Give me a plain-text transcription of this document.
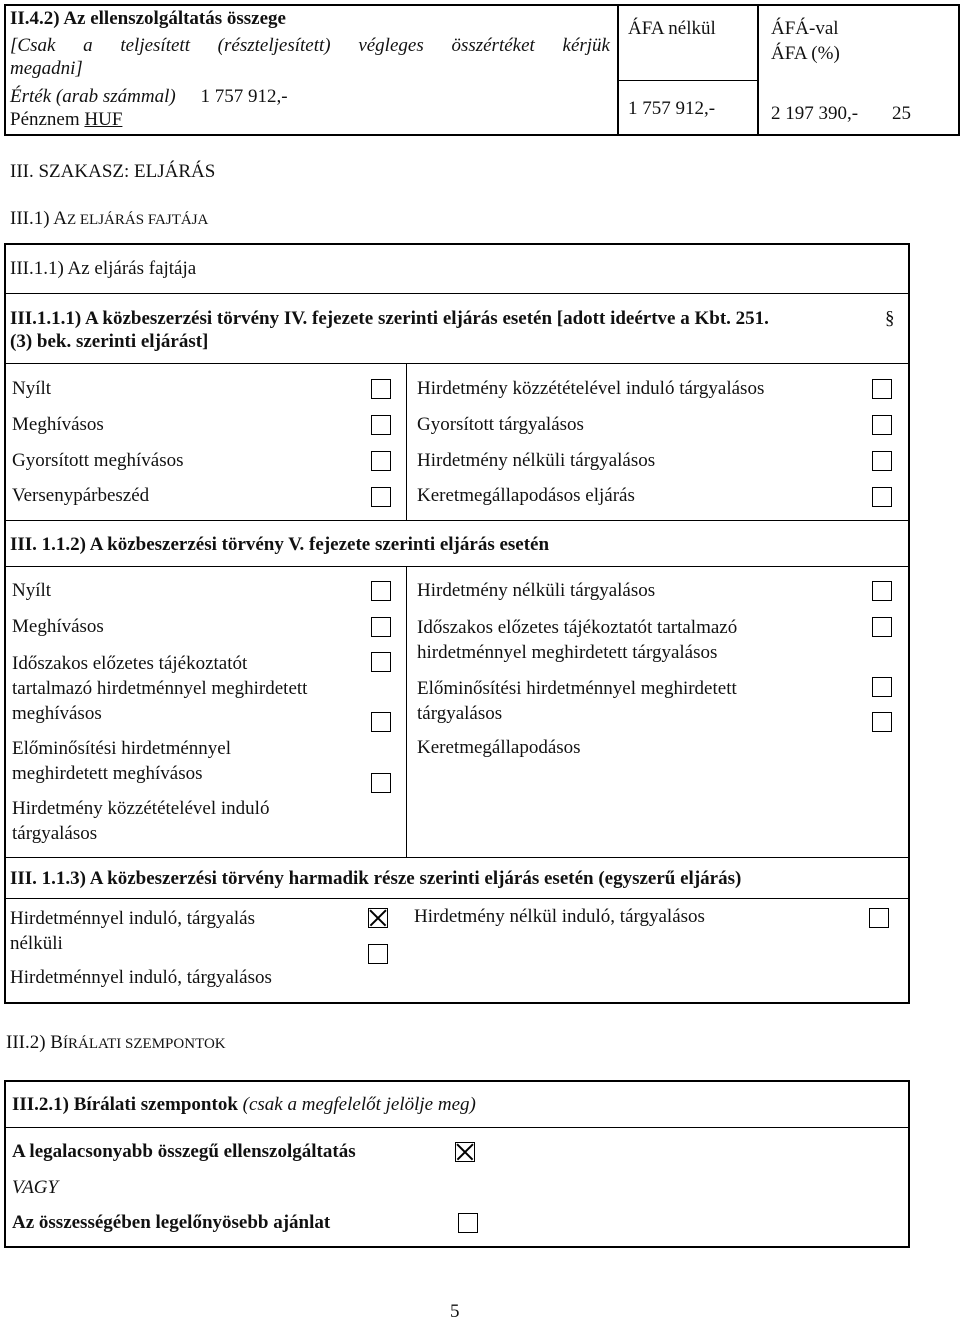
II.4.2) Az ellenszolgáltatás összege
[Csak a teljesített (részteljesített) végleges összértéket kérjük
megadni]
Érték (arab számmal) 1 757 912,-
Pénznem HUF
ÁFA nélkül	ÁFÁ-val
ÁFA (%)
1 757 912,-	2 197 390,- 25
III. SZAKASZ: ELJÁRÁS
III.1) AZ ELJÁRÁS FAJTÁJA
III.1.1) Az eljárás fajtája
III.1.1.1) A közbeszerzési törvény IV. fejezete szerinti eljárás esetén [adott ideértve a Kbt. 251.	§
(3) bek. szerinti eljárást]
Nyílt
Meghívásos
Gyorsított meghívásos
Versenypárbeszéd
Hirdetmény közzétételével induló tárgyalásos
Gyorsított tárgyalásos
Hirdetmény nélküli tárgyalásos
Keretmegállapodásos eljárás
III. 1.1.2) A közbeszerzési törvény V. fejezete szerinti eljárás esetén
Nyílt
Meghívásos
Időszakos előzetes tájékoztatót
tartalmazó hirdetménnyel meghirdetett
meghívásos
Előminősítési hirdetménnyel
meghirdetett meghívásos
Hirdetmény közzétételével induló
tárgyalásos
Hirdetmény nélküli tárgyalásos
Időszakos előzetes tájékoztatót tartalmazó
hirdetménnyel meghirdetett tárgyalásos
Előminősítési hirdetménnyel meghirdetett
tárgyalásos
Keretmegállapodásos
III. 1.1.3) A közbeszerzési törvény harmadik része szerinti eljárás esetén (egyszerű eljárás)
Hirdetménnyel induló, tárgyalás
nélküli
Hirdetménnyel induló, tárgyalásos
Hirdetmény nélkül induló, tárgyalásos
III.2) BÍRÁLATI SZEMPONTOK
III.2.1) Bírálati szempontok (csak a megfelelőt jelölje meg)
A legalacsonyabb összegű ellenszolgáltatás
VAGY
Az összességében legelőnyösebb ajánlat
5
